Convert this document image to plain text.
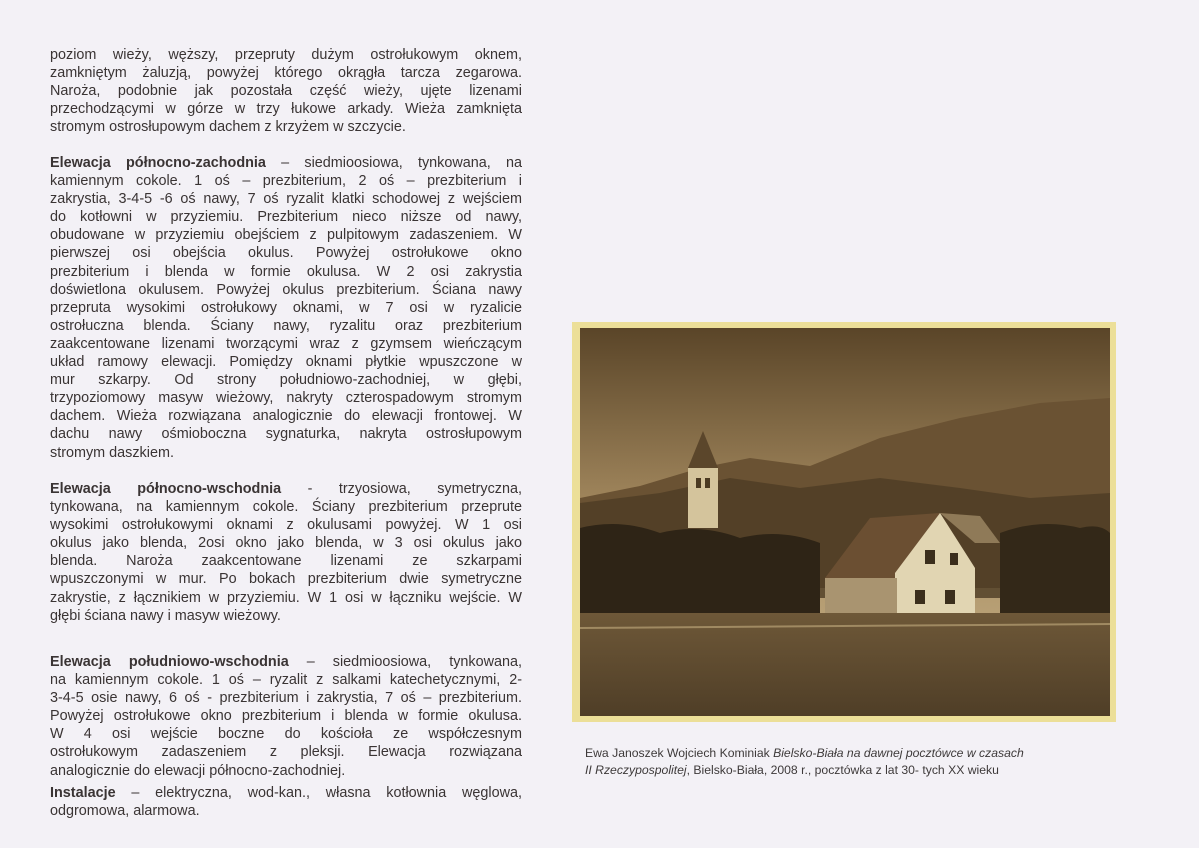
poziom wieży, węższy, przepruty dużym ostrołukowym oknem,
zamkniętym żaluzją, powyżej którego okrągła tarcza zegarowa.
Naroża, podobnie jak pozostała część wieży, ujęte lizenami
przechodzącymi w górze w trzy łukowe arkady. Wieża zamknięta
stromym ostrosłupowym dachem z krzyżem w szczycie.
Elewacja północno-zachodnia – siedmioosiowa, tynkowana, na
kamiennym cokole. 1 oś – prezbiterium, 2 oś – prezbiterium i
zakrystia, 3-4-5 -6 oś nawy, 7 oś ryzalit klatki schodowej z wejściem
do kotłowni w przyziemiu. Prezbiterium nieco niższe od nawy,
obudowane w przyziemiu obejściem z pulpitowym zadaszeniem. W
pierwszej osi obejścia okulus. Powyżej ostrołukowe okno
prezbiterium i blenda w formie okulusa. W 2 osi zakrystia
doświetlona okulusem. Powyżej okulus prezbiterium. Ściana nawy
przepruta wysokimi ostrołukowy oknami, w 7 osi w ryzalicie
ostrołuczna blenda. Ściany nawy, ryzalitu oraz prezbiterium
zaakcentowane lizenami tworzącymi wraz z gzymsem wieńczącym
układ ramowy elewacji. Pomiędzy oknami płytkie wpuszczone w
mur szkarpy. Od strony południowo-zachodniej, w głębi,
trzypoziomowy masyw wieżowy, nakryty czterospadowym stromym
dachem. Wieża rozwiązana analogicznie do elewacji frontowej. W
dachu nawy ośmioboczna sygnaturka, nakryta ostrosłupowym
stromym daszkiem.
Elewacja północno-wschodnia - trzyosiowa, symetryczna,
tynkowana, na kamiennym cokole. Ściany prezbiterium przeprute
wysokimi ostrołukowymi oknami z okulusami powyżej. W 1 osi
okulus jako blenda, 2osi okno jako blenda, w 3 osi okulus jako
blenda. Naroża zaakcentowane lizenami ze szkarpami
wpuszczonymi w mur. Po bokach prezbiterium dwie symetryczne
zakrystie, z łącznikiem w przyziemiu. W 1 osi w łączniku wejście. W
głębi ściana nawy i masyw wieżowy.
Elewacja południowo-wschodnia – siedmioosiowa, tynkowana,
na kamiennym cokole. 1 oś – ryzalit z salkami katechetycznymi, 2-
3-4-5 osie nawy, 6 oś - prezbiterium i zakrystia, 7 oś – prezbiterium.
Powyżej ostrołukowe okno prezbiterium i blenda w formie okulusa.
W 4 osi wejście boczne do kościoła ze współczesnym
ostrołukowym zadaszeniem z pleksji. Elewacja rozwiązana
analogicznie do elewacji północno-zachodniej.
Instalacje – elektryczna, wod-kan., własna kotłownia węglowa,
odgromowa, alarmowa.
Ewa Janoszek Wojciech Kominiak Bielsko-Biała na dawnej pocztówce w czasach
II Rzeczypospolitej, Bielsko-Biała, 2008 r., pocztówka z lat 30- tych XX wieku
